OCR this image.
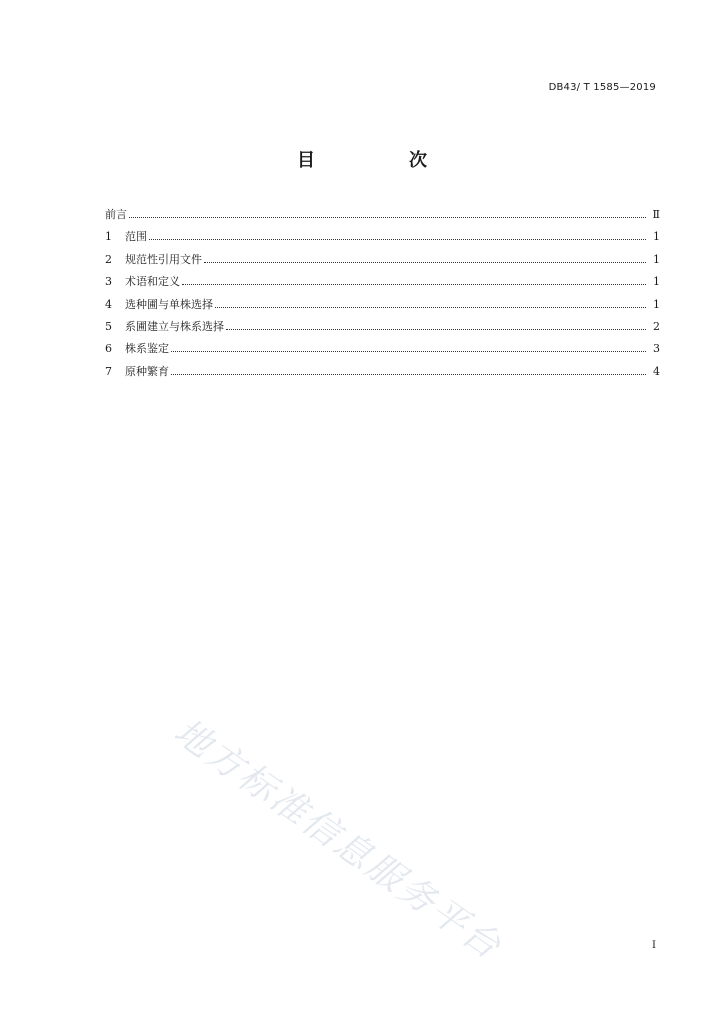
DB43/ T 1585—2019
目　次
前言	Ⅱ
1	范围	1
2	规范性引用文件	1
3	术语和定义	1
4	选种圃与单株选择	1
5	系圃建立与株系选择	2
6	株系鉴定	3
7	原种繁育	4
地方标准信息服务平台	I
